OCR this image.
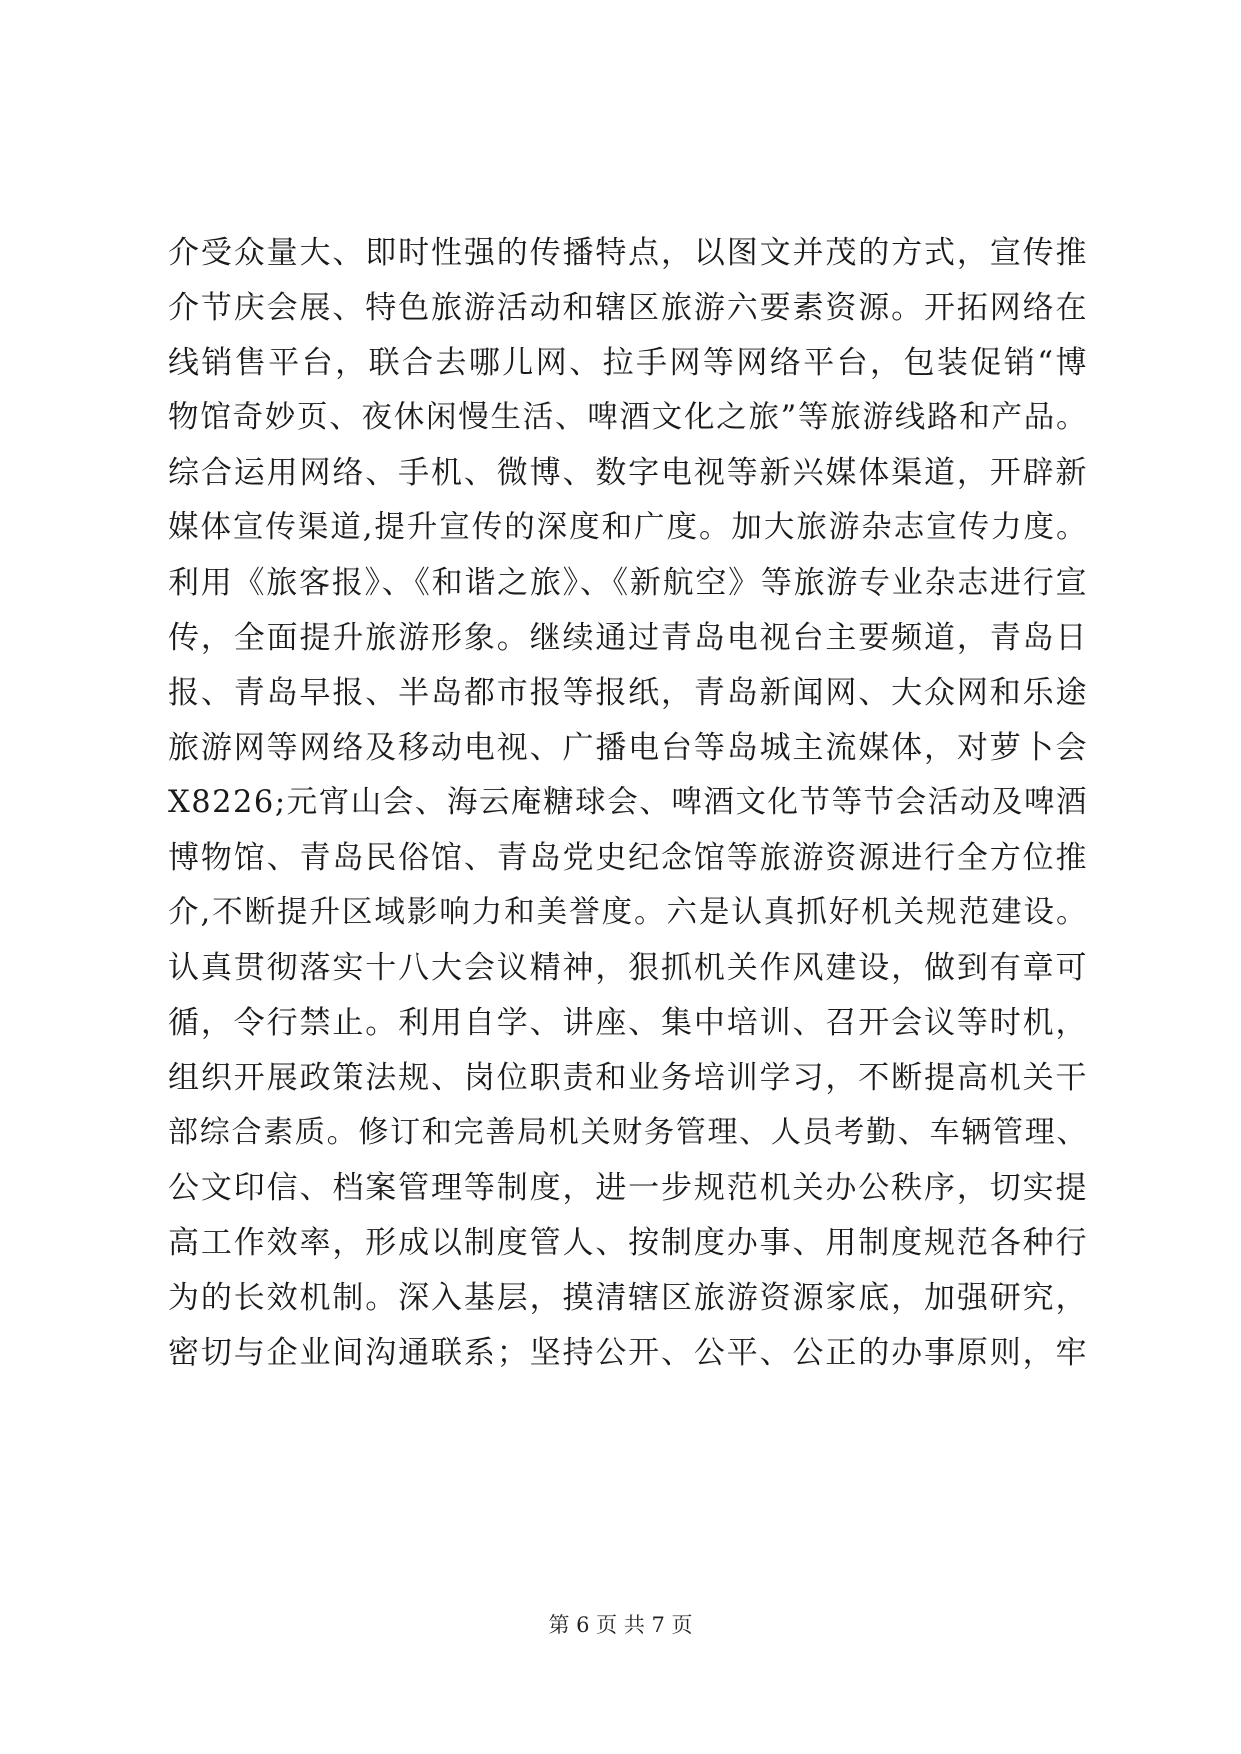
介受众量大、即时性强的传播特点，以图文并茂的方式，宣传推
介节庆会展、特色旅游活动和辖区旅游六要素资源。开拓网络在
线销售平台，联合去哪儿网、拉手网等网络平台，包装促销“博
物馆奇妙页、夜休闲慢生活、啤酒文化之旅”等旅游线路和产品。
综合运用网络、手机、微博、数字电视等新兴媒体渠道，开辟新
媒体宣传渠道,提升宣传的深度和广度。加大旅游杂志宣传力度。
利用《旅客报》、《和谐之旅》、《新航空》等旅游专业杂志进行宣
传，全面提升旅游形象。继续通过青岛电视台主要频道，青岛日
报、青岛早报、半岛都市报等报纸，青岛新闻网、大众网和乐途
旅游网等网络及移动电视、广播电台等岛城主流媒体，对萝卜会
X8226;元宵山会、海云庵糖球会、啤酒文化节等节会活动及啤酒
博物馆、青岛民俗馆、青岛党史纪念馆等旅游资源进行全方位推
介,不断提升区域影响力和美誉度。六是认真抓好机关规范建设。
认真贯彻落实十八大会议精神，狠抓机关作风建设，做到有章可
循，令行禁止。利用自学、讲座、集中培训、召开会议等时机，
组织开展政策法规、岗位职责和业务培训学习，不断提高机关干
部综合素质。修订和完善局机关财务管理、人员考勤、车辆管理、
公文印信、档案管理等制度，进一步规范机关办公秩序，切实提
高工作效率，形成以制度管人、按制度办事、用制度规范各种行
为的长效机制。深入基层，摸清辖区旅游资源家底，加强研究，
密切与企业间沟通联系；坚持公开、公平、公正的办事原则，牢
第 6 页 共 7 页
